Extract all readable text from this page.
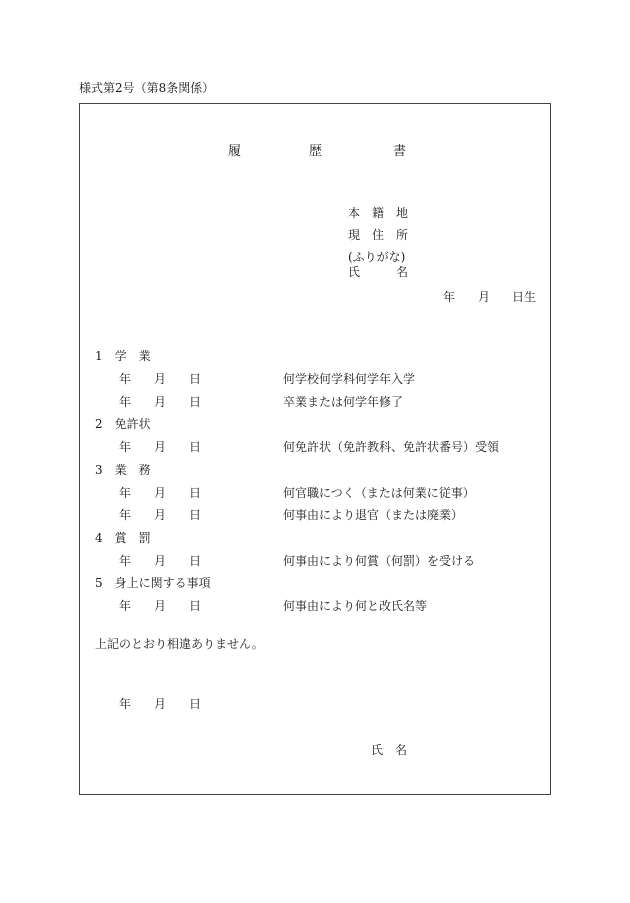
様式第2号（第8条関係）
履	歴	書
本　籍　地
現　住　所
(ふりがな)
氏　　　名
年 月 日生
1　学　業
年 月 日	何学校何学科何学年入学
年 月 日	卒業または何学年修了
2　免許状
年 月 日	何免許状（免許教科、免許状番号）受領
3　業　務
年 月 日	何官職につく（または何業に従事）
年 月 日	何事由により退官（または廃業）
4　賞　罰
年 月 日	何事由により何賞（何罰）を受ける
5　身上に関する事項
年 月 日	何事由により何と改氏名等
上記のとおり相違ありません。
年 月 日
氏　名
